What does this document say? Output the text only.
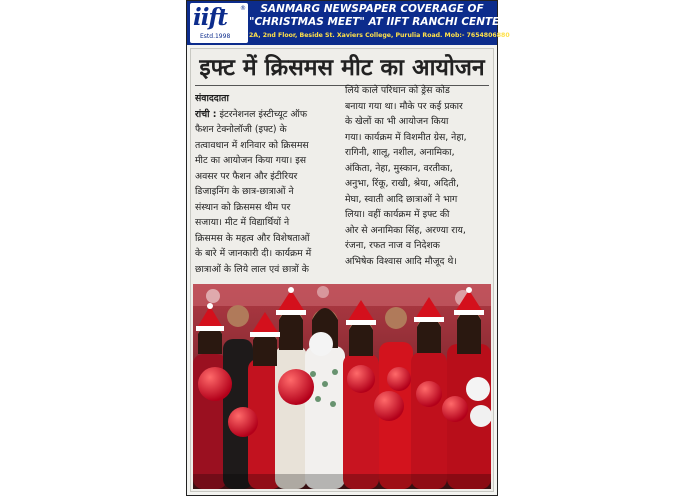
iift ®
Estd.1998
SANMARG NEWSPAPER COVERAGE OF
"CHRISTMAS MEET" AT IIFT RANCHI CENTER
2A, 2nd Floor, Beside St. Xaviers College, Purulia Road. Mob:- 7654806880
इफ्ट में क्रिसमस मीट का आयोजन

संवाददाता

रांची : इंटरनेशनल इंस्टीच्यूट ऑफ

फैशन टेक्नोलॉजी (इफ्ट) के

तत्वावधान में शनिवार को क्रिसमस

मीट का आयोजन किया गया। इस

अवसर पर फैशन और इंटीरियर

डिजाइनिंग के छात्र-छात्राओं ने

संस्थान को क्रिसमस थीम पर

सजाया। मीट में विद्यार्थियों ने

क्रिसमस के महत्व और विशेषताओं

के बारे में जानकारी दी। कार्यक्रम में

छात्राओं के लिये लाल एवं छात्रों के

लिये काले परिधान को ड्रेस कोड

बनाया गया था। मौके पर कई प्रकार

के खेलों का भी आयोजन किया

गया। कार्यक्रम में विशमीत ग्रेस, नेहा,

रागिनी, शालू, नशील, अनामिका,

अंकिता, नेहा, मुस्कान, वरतीका,

अनुभा, रिंकू, राखी, श्रेया, अदिती,

मेघा, स्वाती आदि छात्राओं ने भाग

लिया। वहीं कार्यक्रम में इफ्ट की

ओर से अनामिका सिंह, अरण्या राय,

रंजना, रफत नाज व निदेशक

अभिषेक विश्वास आदि मौजूद थे।
